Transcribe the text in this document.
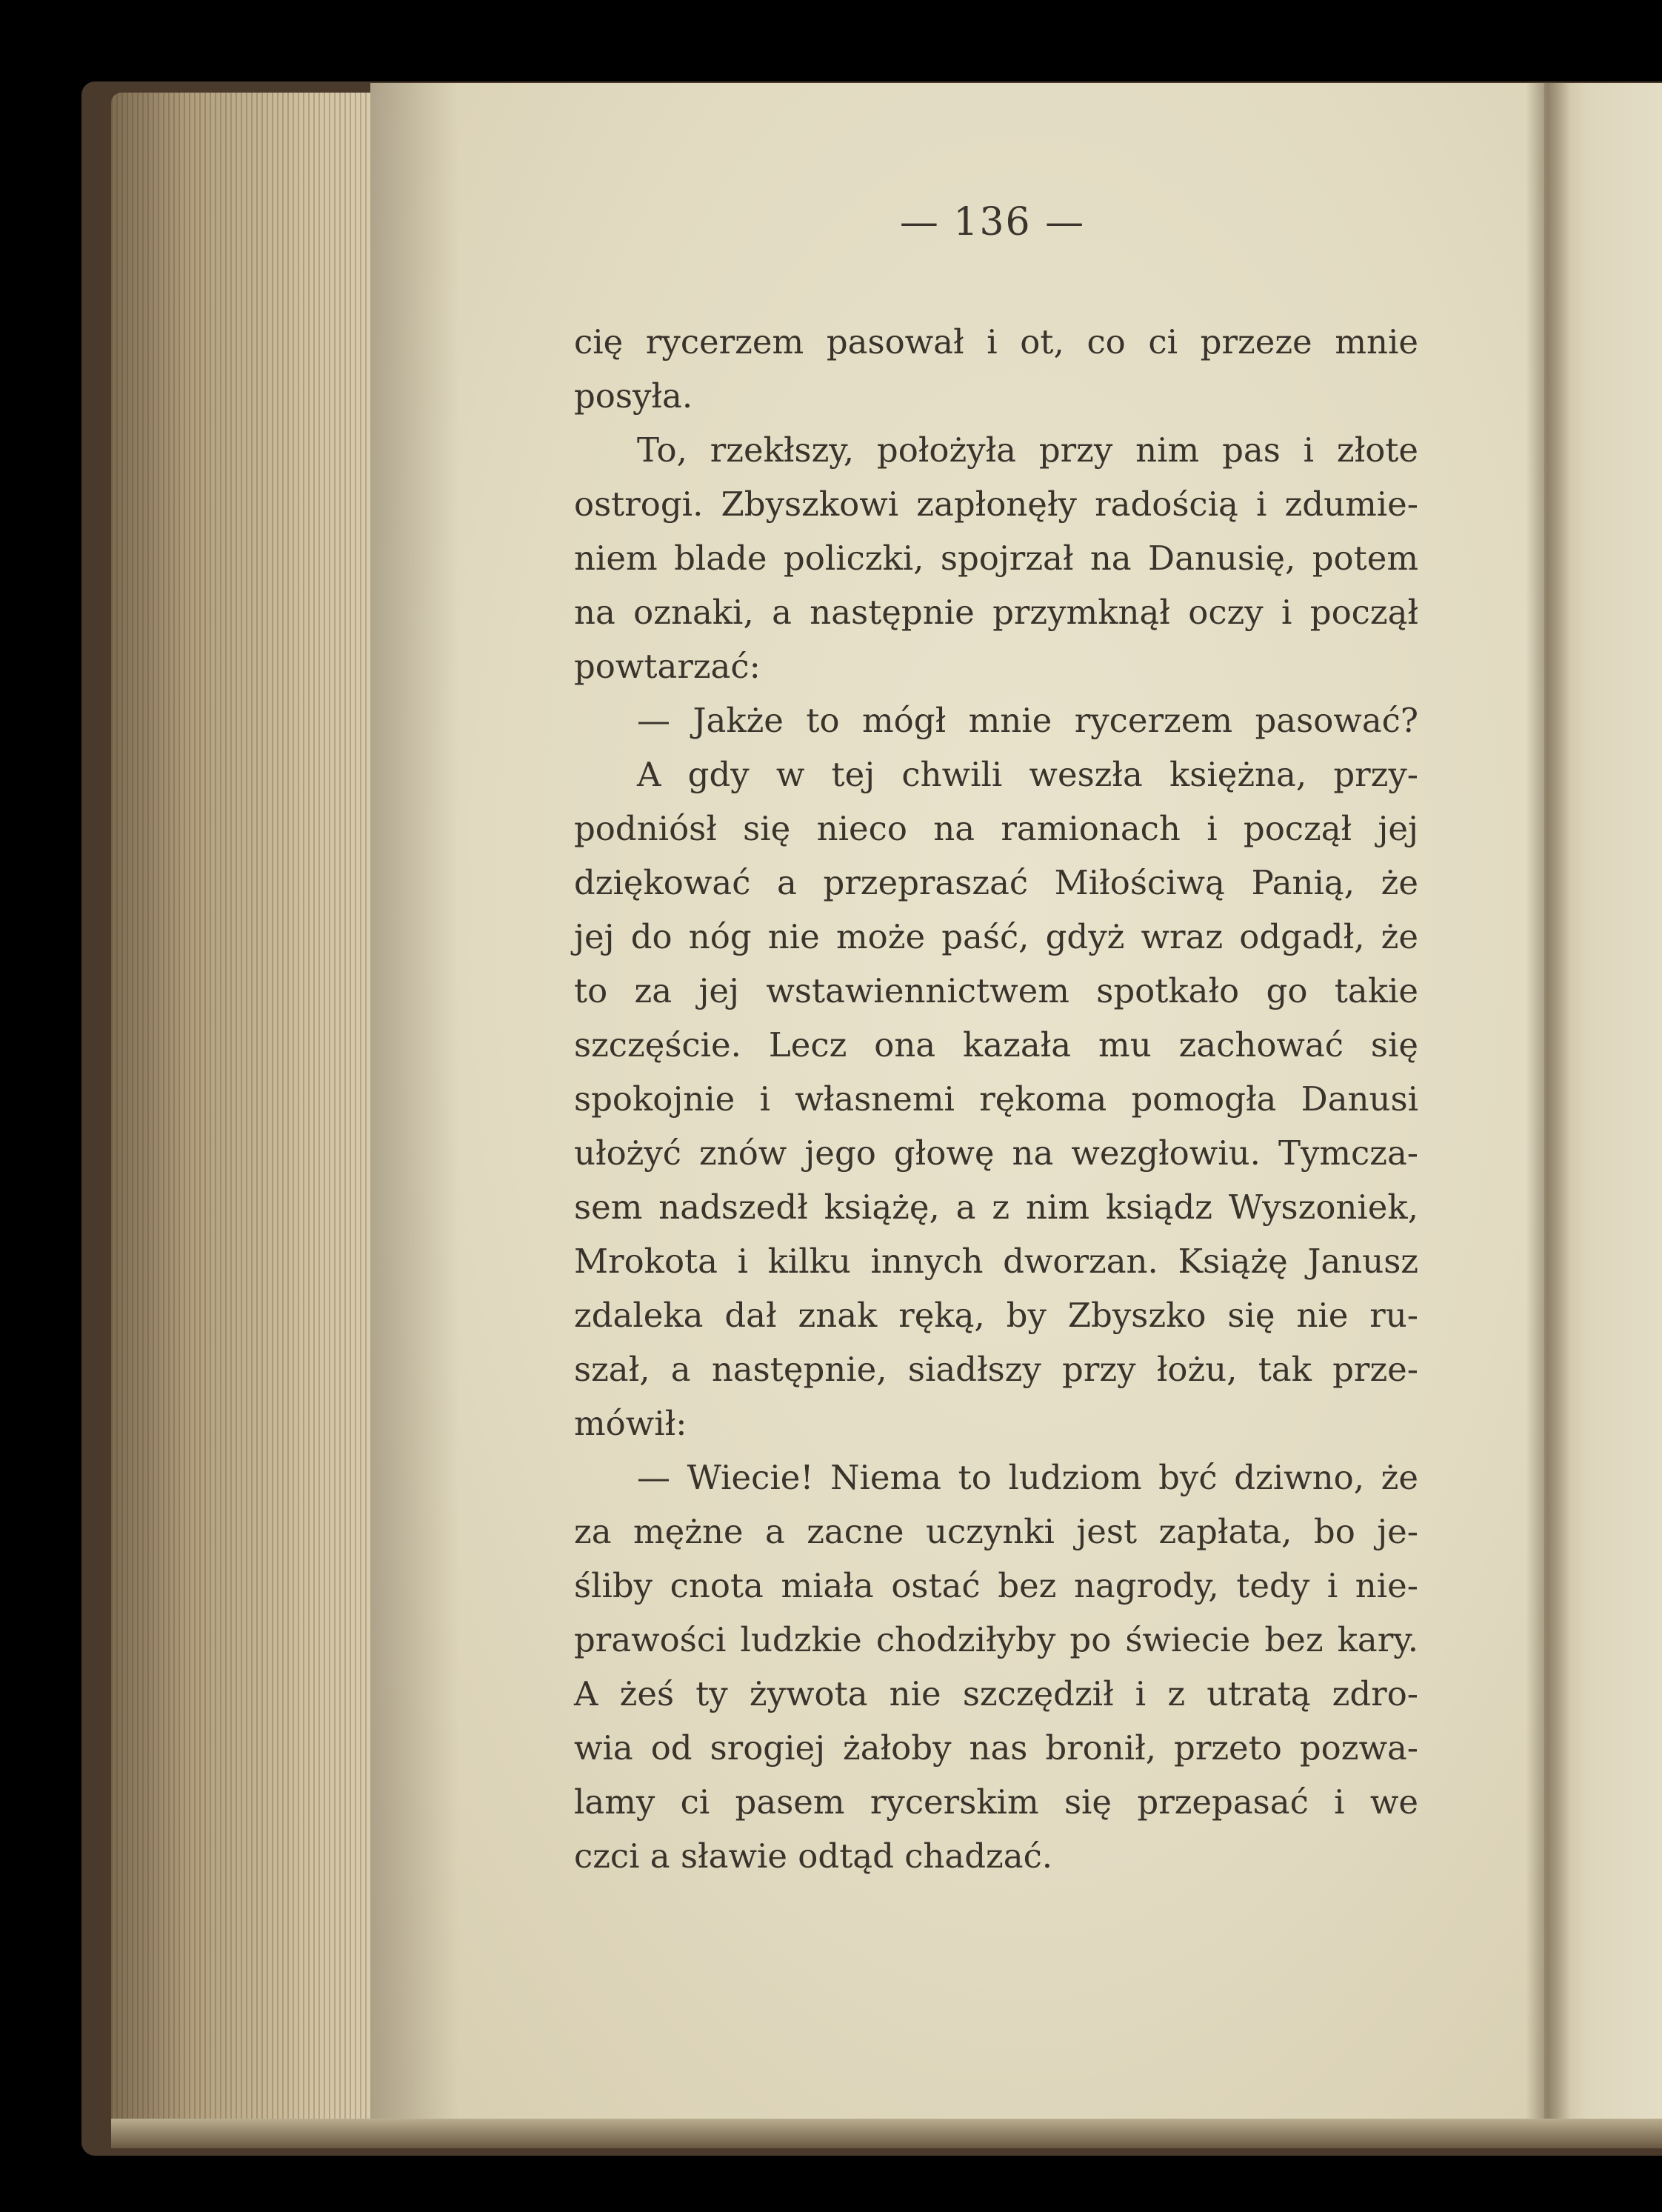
— 136 —
cię rycerzem pasował i ot, co ci przeze mnie
posyła.
To, rzekłszy, położyła przy nim pas i złote
ostrogi. Zbyszkowi zapłonęły radością i zdumie-
niem blade policzki, spojrzał na Danusię, potem
na oznaki, a następnie przymknął oczy i począł
powtarzać:
— Jakże to mógł mnie rycerzem pasować?
A gdy w tej chwili weszła księżna, przy-
podniósł się nieco na ramionach i począł jej
dziękować a przepraszać Miłościwą Panią, że
jej do nóg nie może paść, gdyż wraz odgadł, że
to za jej wstawiennictwem spotkało go takie
szczęście. Lecz ona kazała mu zachować się
spokojnie i własnemi rękoma pomogła Danusi
ułożyć znów jego głowę na wezgłowiu. Tymcza-
sem nadszedł książę, a z nim ksiądz Wyszoniek,
Mrokota i kilku innych dworzan. Książę Janusz
zdaleka dał znak ręką, by Zbyszko się nie ru-
szał, a następnie, siadłszy przy łożu, tak prze-
mówił:
— Wiecie! Niema to ludziom być dziwno, że
za mężne a zacne uczynki jest zapłata, bo je-
śliby cnota miała ostać bez nagrody, tedy i nie-
prawości ludzkie chodziłyby po świecie bez kary.
A żeś ty żywota nie szczędził i z utratą zdro-
wia od srogiej żałoby nas bronił, przeto pozwa-
lamy ci pasem rycerskim się przepasać i we
czci a sławie odtąd chadzać.
